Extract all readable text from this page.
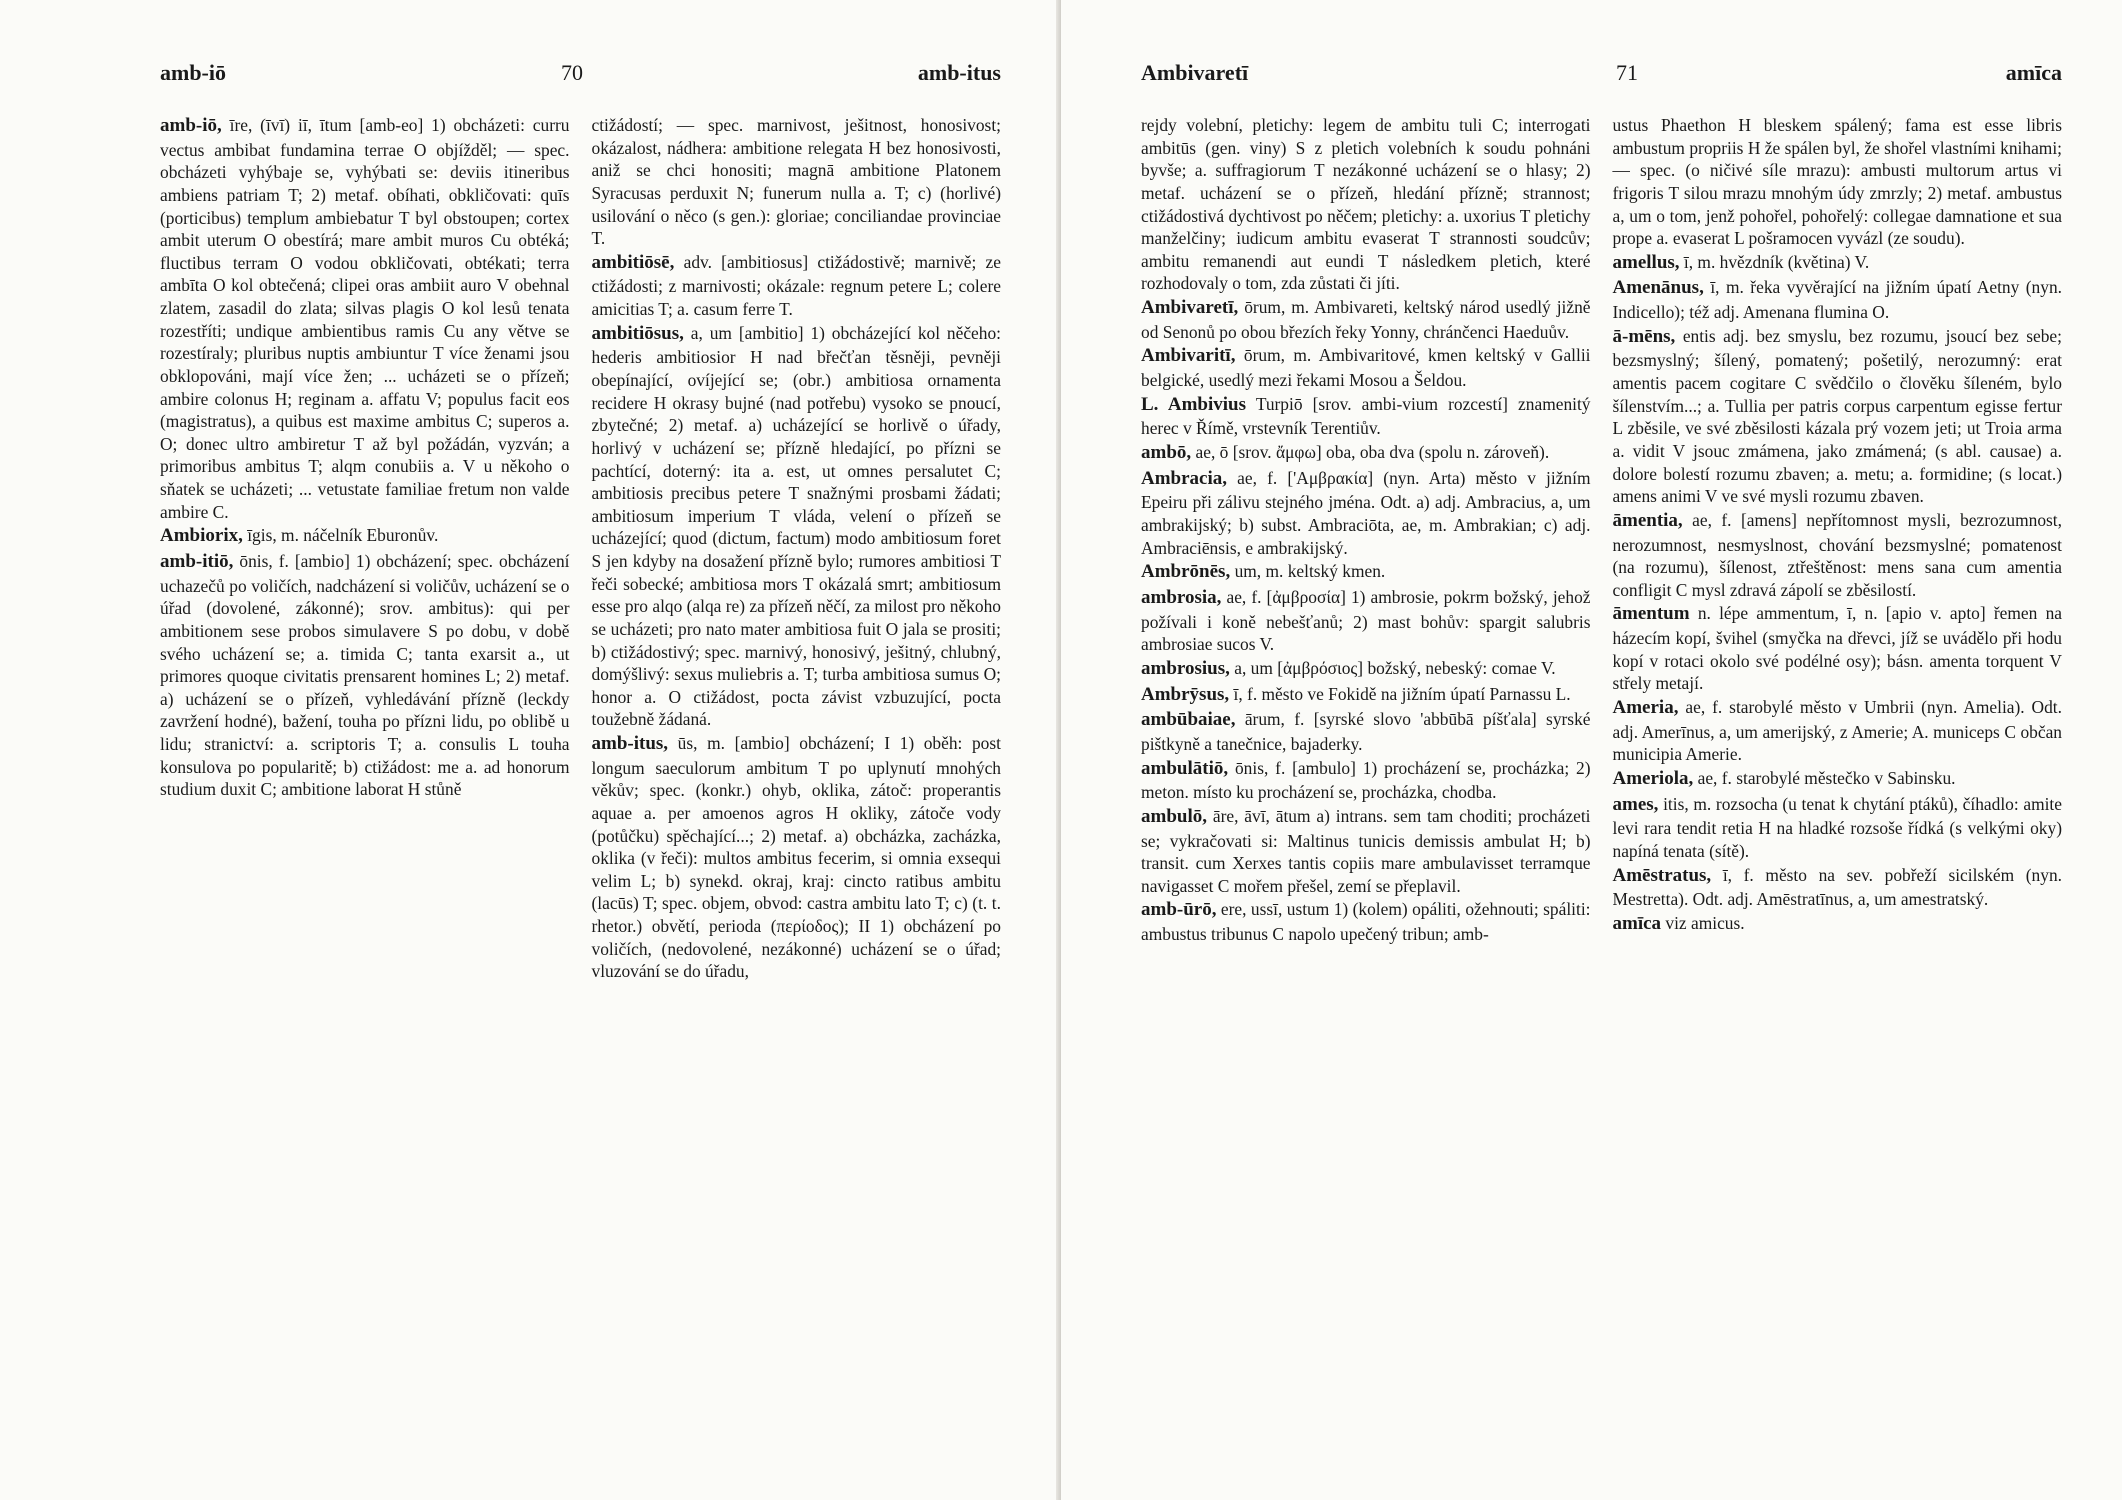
amb-iō	70	amb-itus

amb-iō, īre, (īvī) iī, ītum [amb-eo] 1) obcházeti: curru vectus ambibat fundamina terrae O objížděl; — spec. obcházeti vyhýbaje se, vyhýbati se: deviis itineribus ambiens patriam T; 2) metaf. obíhati, obkličovati: quīs (porticibus) templum ambiebatur T byl obstoupen; cortex ambit uterum O obestírá; mare ambit muros Cu obtéká; fluctibus terram O vodou obkličovati, obtékati; terra ambīta O kol obtečená; clipei oras ambiit auro V obehnal zlatem, zasadil do zlata; silvas plagis O kol lesů tenata rozestříti; undique ambientibus ramis Cu any větve se rozestíraly; pluribus nuptis ambiuntur T více ženami jsou obklopováni, mají více žen; ... ucházeti se o přízeň; ambire colonus H; reginam a. affatu V; populus facit eos (magistratus), a quibus est maxime ambitus C; superos a. O; donec ultro ambiretur T až byl požádán, vyzván; a primoribus ambitus T; alqm conubiis a. V u někoho o sňatek se ucházeti; ... vetustate familiae fretum non valde ambire C.

Ambiorix, īgis, m. náčelník Eburonův.

amb-itiō, ōnis, f. [ambio] 1) obcházení; spec. obcházení uchazečů po voličích, nadcházení si voličův, ucházení se o úřad (dovolené, zákonné); srov. ambitus): qui per ambitionem sese probos simulavere S po dobu, v době svého ucházení se; a. timida C; tanta exarsit a., ut primores quoque civitatis prensarent homines L; 2) metaf. a) ucházení se o přízeň, vyhledávání přízně (leckdy zavržení hodné), bažení, touha po přízni lidu, po oblibě u lidu; stranictví: a. scriptoris T; a. consulis L touha konsulova po popularitě; b) ctižádost: me a. ad honorum studium duxit C; ambitione laborat H stůně

ctižádostí; — spec. marnivost, ješitnost, honosivost; okázalost, nádhera: ambitione relegata H bez honosivosti, aniž se chci honositi; magnā ambitione Platonem Syracusas perduxit N; funerum nulla a. T; c) (horlivé) usilování o něco (s gen.): gloriae; conciliandae provinciae T.

ambitiōsē, adv. [ambitiosus] ctižádostivě; marnivě; ze ctižádosti; z marnivosti; okázale: regnum petere L; colere amicitias T; a. casum ferre T.

ambitiōsus, a, um [ambitio] 1) obcházející kol něčeho: hederis ambitiosior H nad břečťan těsněji, pevněji obepínající, ovíjející se; (obr.) ambitiosa ornamenta recidere H okrasy bujné (nad potřebu) vysoko se pnoucí, zbytečné; 2) metaf. a) ucházející se horlivě o úřady, horlivý v ucházení se; přízně hledající, po přízni se pachtící, doterný: ita a. est, ut omnes persalutet C; ambitiosis precibus petere T snažnými prosbami žádati; ambitiosum imperium T vláda, velení o přízeň se ucházející; quod (dictum, factum) modo ambitiosum foret S jen kdyby na dosažení přízně bylo; rumores ambitiosi T řeči sobecké; ambitiosa mors T okázalá smrt; ambitiosum esse pro alqo (alqa re) za přízeň něčí, za milost pro někoho se ucházeti; pro nato mater ambitiosa fuit O jala se prositi; b) ctižádostivý; spec. marnivý, honosivý, ješitný, chlubný, domýšlivý: sexus muliebris a. T; turba ambitiosa sumus O; honor a. O ctižádost, pocta závist vzbuzující, pocta toužebně žádaná.

amb-itus, ūs, m. [ambio] obcházení; I 1) oběh: post longum saeculorum ambitum T po uplynutí mnohých věkův; spec. (konkr.) ohyb, oklika, zátoč: properantis aquae a. per amoenos agros H okliky, zátoče vody (potůčku) spěchající...; 2) metaf. a) obcházka, zacházka, oklika (v řeči): multos ambitus fecerim, si omnia exsequi velim L; b) synekd. okraj, kraj: cincto ratibus ambitu (lacūs) T; spec. objem, obvod: castra ambitu lato T; c) (t. t. rhetor.) obvětí, perioda (περίοδος); II 1) obcházení po voličích, (nedovolené, nezákonné) ucházení se o úřad; vluzování se do úřadu,

Ambivaretī	71	amīca

rejdy volební, pletichy: legem de ambitu tuli C; interrogati ambitūs (gen. viny) S z pletich volebních k soudu pohnáni byvše; a. suffragiorum T nezákonné ucházení se o hlasy; 2) metaf. ucházení se o přízeň, hledání přízně; strannost; ctižádostivá dychtivost po něčem; pletichy: a. uxorius T pletichy manželčiny; iudicum ambitu evaserat T strannosti soudcův; ambitu remanendi aut eundi T následkem pletich, které rozhodovaly o tom, zda zůstati či jíti.

Ambivaretī, ōrum, m. Ambivareti, keltský národ usedlý jižně od Senonů po obou březích řeky Yonny, chránčenci Haeduův.

Ambivaritī, ōrum, m. Ambivaritové, kmen keltský v Gallii belgické, usedlý mezi řekami Mosou a Šeldou.

L. Ambivius Turpiō [srov. ambi-vium rozcestí] znamenitý herec v Římě, vrstevník Terentiův.

ambō, ae, ō [srov. ἄμφω] oba, oba dva (spolu n. zároveň).

Ambracia, ae, f. ['Αμβρακία] (nyn. Arta) město v jižním Epeiru při zálivu stejného jména. Odt. a) adj. Ambracius, a, um ambrakijský; b) subst. Ambraciōta, ae, m. Ambrakian; c) adj. Ambraciēnsis, e ambrakijský.

Ambrōnēs, um, m. keltský kmen.

ambrosia, ae, f. [ἀμβροσία] 1) ambrosie, pokrm božský, jehož požívali i koně nebešťanů; 2) mast bohův: spargit salubris ambrosiae sucos V.

ambrosius, a, um [ἀμβρόσιος] božský, nebeský: comae V.

Ambrȳsus, ī, f. město ve Fokidě na jižním úpatí Parnassu L.

ambūbaiae, ārum, f. [syrské slovo 'abbūbā píšťala] syrské pištkyně a tanečnice, bajaderky.

ambulātiō, ōnis, f. [ambulo] 1) procházení se, procházka; 2) meton. místo ku procházení se, procházka, chodba.

ambulō, āre, āvī, ātum a) intrans. sem tam choditi; procházeti se; vykračovati si: Maltinus tunicis demissis ambulat H; b) transit. cum Xerxes tantis copiis mare ambulavisset terramque navigasset C mořem přešel, zemí se přeplavil.

amb-ūrō, ere, ussī, ustum 1) (kolem) opáliti, ožehnouti; spáliti: ambustus tribunus C napolo upečený tribun; amb-

ustus Phaethon H bleskem spálený; fama est esse libris ambustum propriis H že spálen byl, že shořel vlastními knihami; — spec. (o ničivé síle mrazu): ambusti multorum artus vi frigoris T silou mrazu mnohým údy zmrzly; 2) metaf. ambustus a, um o tom, jenž pohořel, pohořelý: collegae damnatione et sua prope a. evaserat L pošramocen vyvázl (ze soudu).

amellus, ī, m. hvězdník (květina) V.

Amenānus, ī, m. řeka vyvěrající na jižním úpatí Aetny (nyn. Indicello); též adj. Amenana flumina O.

ā-mēns, entis adj. bez smyslu, bez rozumu, jsoucí bez sebe; bezsmyslný; šílený, pomatený; pošetilý, nerozumný: erat amentis pacem cogitare C svědčilo o člověku šíleném, bylo šílenstvím...; a. Tullia per patris corpus carpentum egisse fertur L zběsile, ve své zběsilosti kázala prý vozem jeti; ut Troia arma a. vidit V jsouc zmámena, jako zmámená; (s abl. causae) a. dolore bolestí rozumu zbaven; a. metu; a. formidine; (s locat.) amens animi V ve své mysli rozumu zbaven.

āmentia, ae, f. [amens] nepřítomnost mysli, bezrozumnost, nerozumnost, nesmyslnost, chování bezsmyslné; pomatenost (na rozumu), šílenost, ztřeštěnost: mens sana cum amentia confligit C mysl zdravá zápolí se zběsilostí.

āmentum n. lépe ammentum, ī, n. [apio v. apto] řemen na házecím kopí, švihel (smyčka na dřevci, jíž se uvádělo při hodu kopí v rotaci okolo své podélné osy); básn. amenta torquent V střely metají.

Ameria, ae, f. starobylé město v Umbrii (nyn. Amelia). Odt. adj. Amerīnus, a, um amerijský, z Amerie; A. municeps C občan municipia Amerie.

Ameriola, ae, f. starobylé městečko v Sabinsku.

ames, itis, m. rozsocha (u tenat k chytání ptáků), číhadlo: amite levi rara tendit retia H na hladké rozsoše řídká (s velkými oky) napíná tenata (sítě).

Amēstratus, ī, f. město na sev. pobřeží sicilském (nyn. Mestretta). Odt. adj. Amēstratīnus, a, um amestratský.

amīca viz amicus.
